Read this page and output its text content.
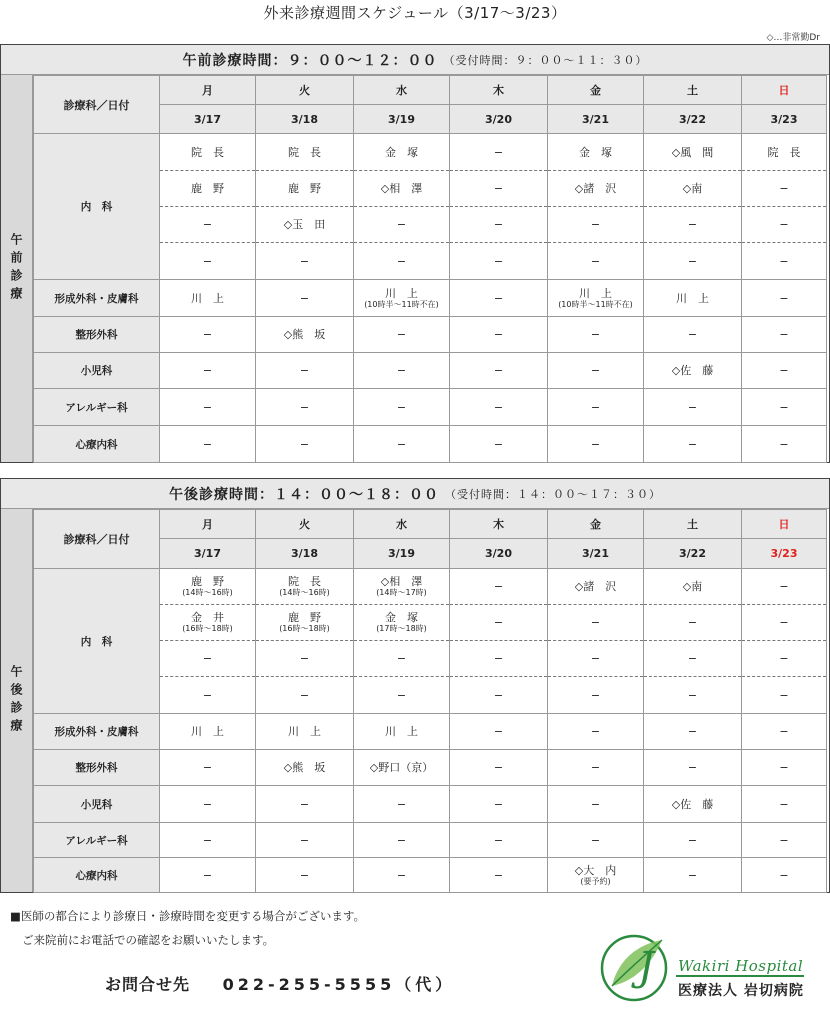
外来診療週間スケジュール（3/17〜3/23）
◇…非常勤Dr
午前診療時間：９：００〜１２：００ （受付時間：９：００〜１１：３０）
午前診療
診療科／日付	月	火	水	木	金	土	日
	3/17	3/18	3/19	3/20	3/21	3/22	3/23
内　科	院　長	院　長	金　塚	−	金　塚	◇風　間	院　長

	鹿　野	鹿　野	◇相　澤	−	◇諸　沢	◇南	−

	−	◇玉　田	−	−	−	−	−

	−	−	−	−	−	−	−

形成外科・皮膚科	川　上	−	川　上
(10時半〜11時不在)	−	川　上
(10時半〜11時不在)	川　上	−

整形外科	−	◇熊　坂	−	−	−	−	−

小児科	−	−	−	−	−	◇佐　藤	−

アレルギー科	−	−	−	−	−	−	−

心療内科	−	−	−	−	−	−	−
午後診療時間：１４：００〜１８：００ （受付時間：１４：００〜１７：３０）
午後診療
診療科／日付	月	火	水	木	金	土	日
	3/17	3/18	3/19	3/20	3/21	3/22	3/23
内　科	鹿　野
(14時〜16時)	院　長
(14時〜16時)	◇相　澤
(14時〜17時)	−	◇諸　沢	◇南	−

	金　井
(16時〜18時)	鹿　野
(16時〜18時)	金　塚
(17時〜18時)	−	−	−	−

	−	−	−	−	−	−	−

	−	−	−	−	−	−	−

形成外科・皮膚科	川　上	川　上	川　上	−	−	−	−

整形外科	−	◇熊　坂	◇野口（京）	−	−	−	−

小児科	−	−	−	−	−	◇佐　藤	−

アレルギー科	−	−	−	−	−	−	−

心療内科	−	−	−	−	◇大　内
(要予約)	−	−
■医師の都合により診療日・診療時間を変更する場合がございます。
ご来院前にお電話での確認をお願いいたします。
お問合せ先 022-255-5555（代）	J Wakiri Hospital
医療法人 岩切病院
